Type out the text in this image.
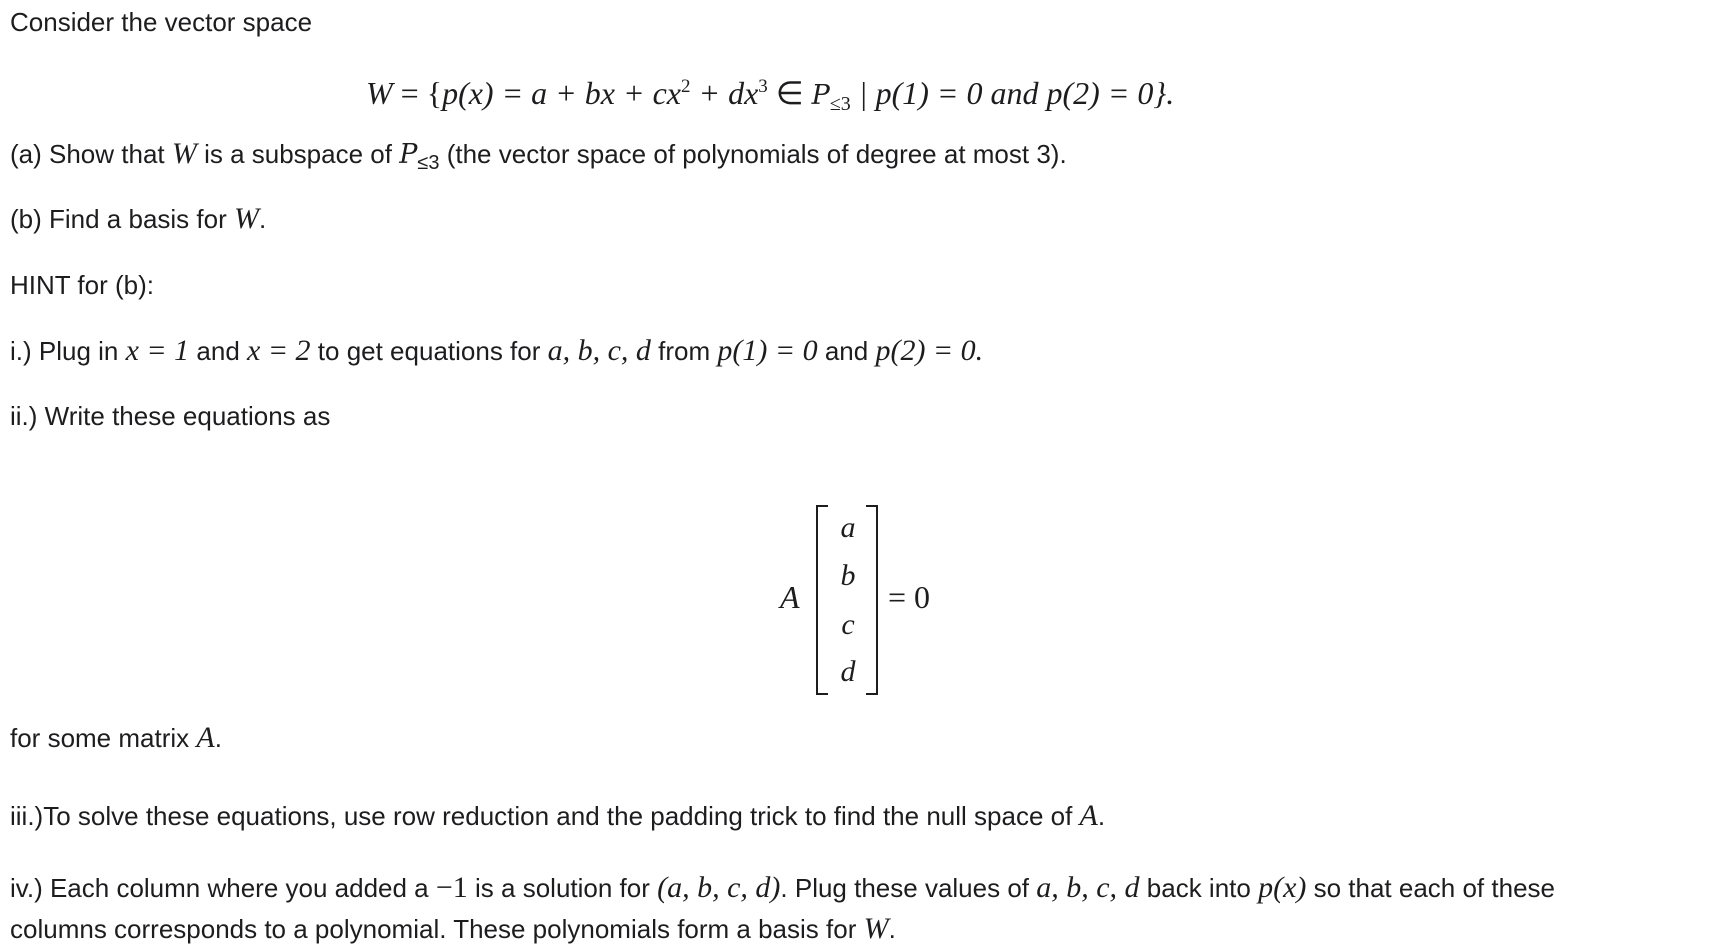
Consider the vector space
W = {p(x) = a + bx + $cx^2 + dx^3$ ∈ $P_{\le 3}$ | p(1) = 0 and p(2) = 0}.
(a) Show that W is a subspace of $P_{\le 3}$ (the vector space of polynomials of degree at most 3).
(b) Find a basis for W.
HINT for (b):
i.) Plug in x = 1 and x = 2 to get equations for a, b, c, d from p(1) = 0 and p(2) = 0.
ii.) Write these equations as
A
a
b
c
d
= 0
for some matrix A.
iii.)To solve these equations, use row reduction and the padding trick to find the null space of A.
iv.) Each column where you added a −1 is a solution for (a, b, c, d). Plug these values of a, b, c, d back into p(x) so that each of these
columns corresponds to a polynomial. These polynomials form a basis for W.
